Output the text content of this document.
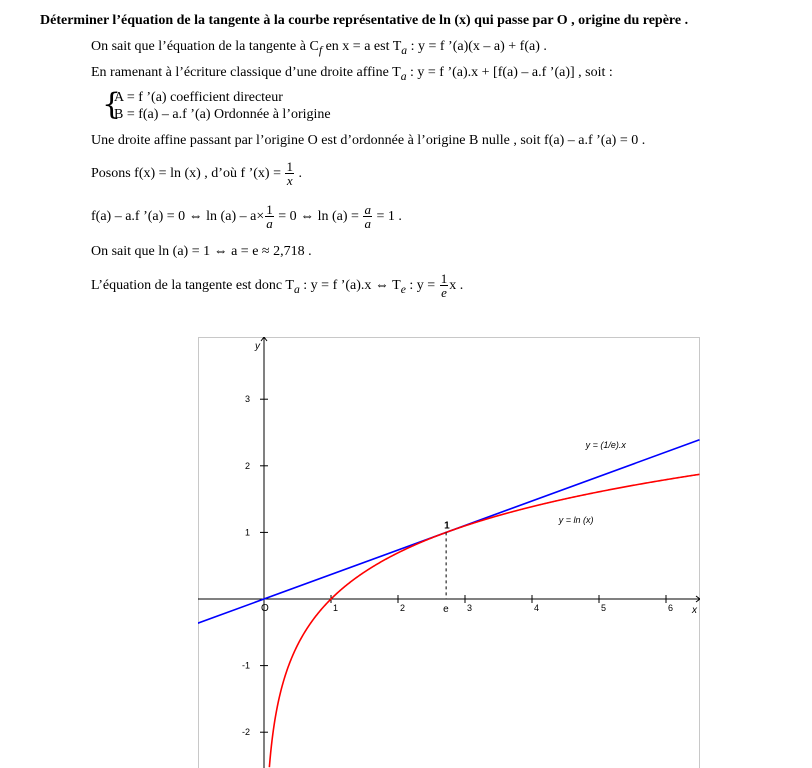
Déterminer l’équation de la tangente à la courbe représentative de ln (x) qui passe par O , origine du repère .
On sait que l’équation de la tangente à $C_f$ en x = a est $T_a$ : y = f ’(a)(x – a) + f(a) .
En ramenant à l’écriture classique d’une droite affine $T_a$ : y = f ’(a).x + [f(a) – a.f ’(a)] , soit :
{
A = f ’(a) coefficient directeur
B = f(a) – a.f ’(a) Ordonnée à l’origine
Une droite affine passant par l’origine O est d’ordonnée à l’origine B nulle , soit f(a) – a.f ’(a) = 0 .
Posons f(x) = ln (x) , d’où f ’(x) = $\frac{1}{x}$ .
f(a) – a.f ’(a) = 0 ⇔ $\ln (a) - a\times \frac{1}{a} = 0$ ⇔ $\ln (a) = \frac{a}{a} = 1$ .
On sait que ln (a) = 1 ⇔ a = e ≈ 2,718 .
L’équation de la tangente est donc $T_a$ : y = f ’(a).x ⇔ $T_e$ : $y = \frac{1}{e}$ x .
1	2	3	4	5	6
3
2
1
-1
-2
x
y
O	e
1
y = (1/e).x
y = ln (x)
